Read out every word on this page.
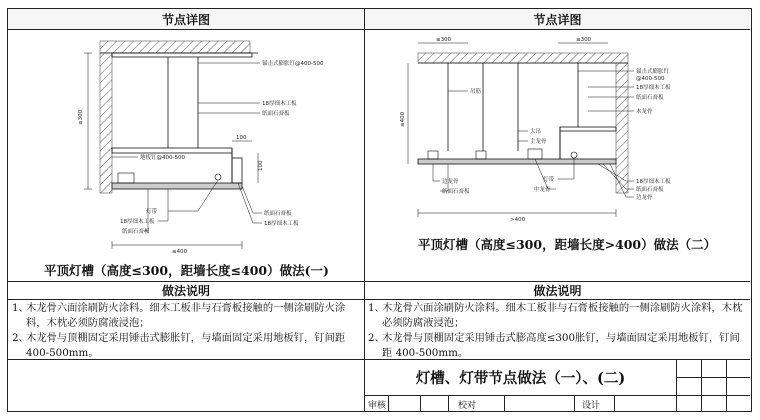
节点详图	节点详图
≤300
100
100
≤400
锚击式膨胀钉@400-500
18厚细木工板
纸面石膏板
地板钉@400-500
灯带
18厚细木工板
纸面石膏板
纸面石膏板
18厚细木工板
平顶灯槽（高度≤300，距墙长度≤400）做法(一)
≤300	≤300
≤400
锚击式膨胀钉
@400-500
18厚细木工板
纸面石膏板
木龙骨
吊筋
大吊
主龙骨
边龙骨
纸面石膏板
灯带
中龙骨
18厚细木工板
纸面石膏板
边龙骨
>400
平顶灯槽（高度≤300，距墙长度>400）做法（二）
做法说明	做法说明
1、
木龙骨六面涂刷防火涂料。细木工板非与石膏板接触的一侧涂刷防火涂料，木枕必须防腐液浸泡；
2、
木龙骨与顶棚固定采用锤击式膨胀钉，与墙面固定采用地板钉，钉间距 400-500mm。
1、
木龙骨六面涂刷防火涂料。细木工板非与石膏板接触的一侧涂刷防火涂料，木枕必须防腐液浸泡；
2、
木龙骨与顶棚固定采用锤击式膨高度≤300胀钉，与墙面固定采用地板钉，钉间距 400-500mm。
灯槽、灯带节点做法（一）、(二)
审核	校对	设计
